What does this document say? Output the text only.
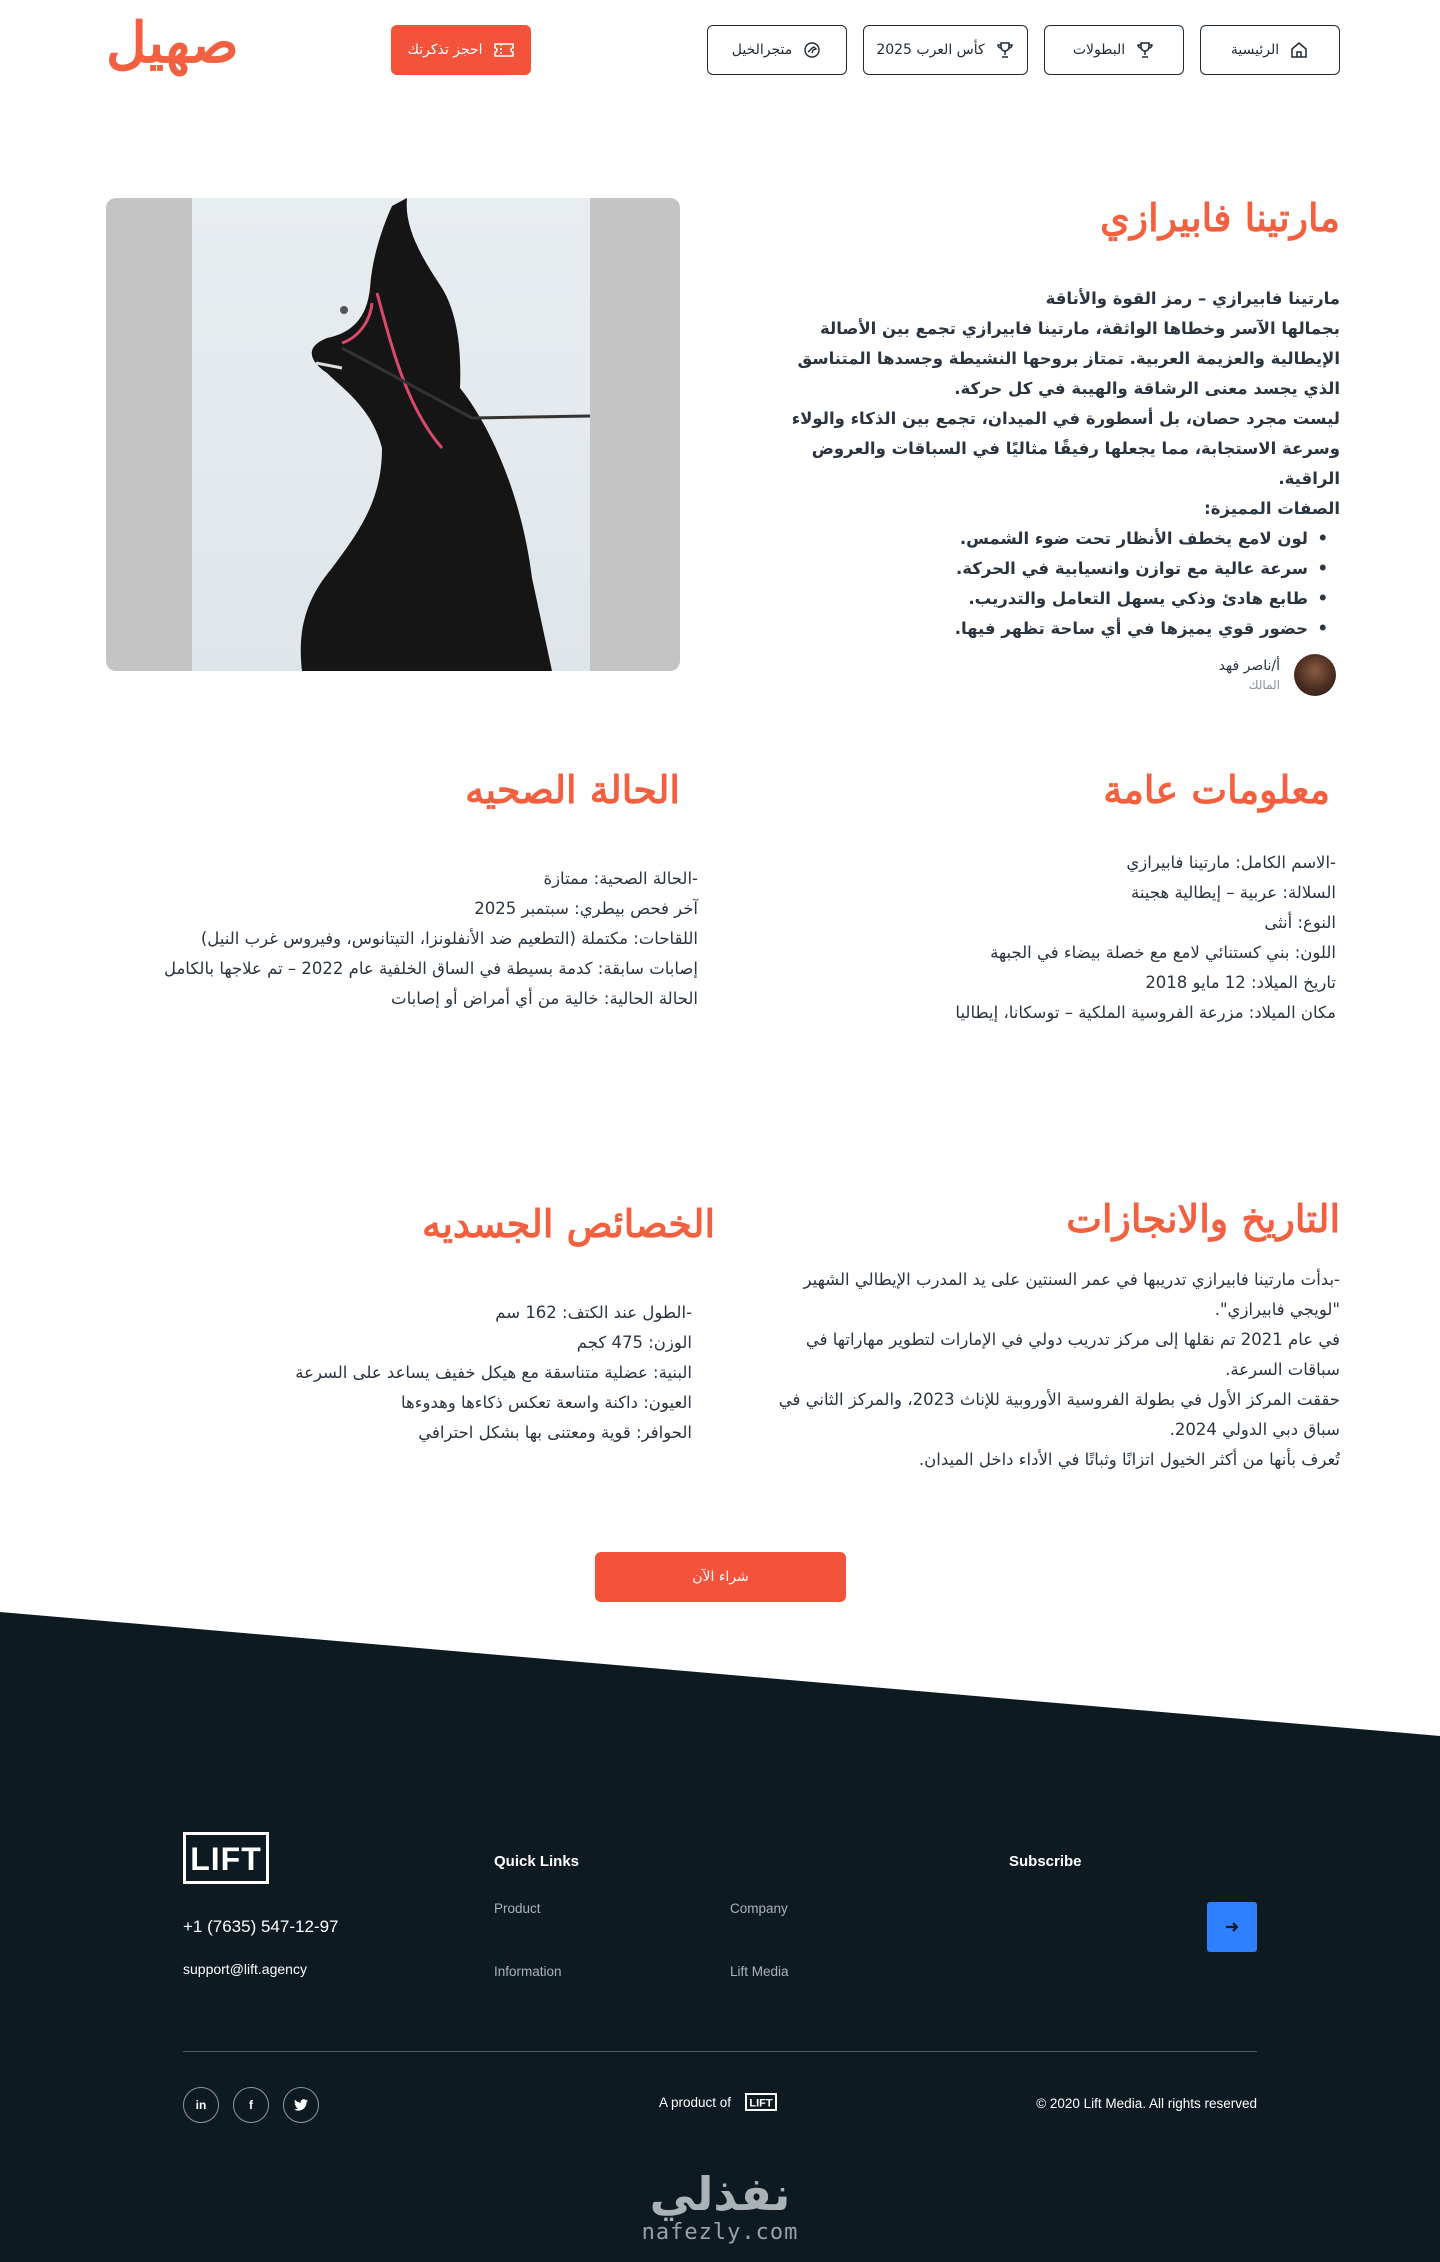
صهيل	احجز تذكرتك	متجرالخيل	كأس العرب 2025	البطولات	الرئيسية
مارتينا فابيرازي

مارتينا فابيرازي – رمز القوة والأناقة

بجمالها الآسر وخطاها الواثقة، مارتينا فابيرازي تجمع بين الأصالة الإيطالية والعزيمة العربية. تمتاز بروحها النشيطة وجسدها المتناسق الذي يجسد معنى الرشاقة والهيبة في كل حركة.

ليست مجرد حصان، بل أسطورة في الميدان، تجمع بين الذكاء والولاء وسرعة الاستجابة، مما يجعلها رفيقًا مثاليًا في السباقات والعروض الراقية.

الصفات المميزة:

• لون لامع يخطف الأنظار تحت ضوء الشمس.
• سرعة عالية مع توازن وانسيابية في الحركة.
• طابع هادئ وذكي يسهل التعامل والتدريب.
• حضور قوي يميزها في أي ساحة تظهر فيها.
أ/ناصر فهد
المالك
معلومات عامة
-الاسم الكامل: مارتينا فابيرازي
السلالة: عربية – إيطالية هجينة
النوع: أنثى
اللون: بني كستنائي لامع مع خصلة بيضاء في الجبهة
تاريخ الميلاد: 12 مايو 2018
مكان الميلاد: مزرعة الفروسية الملكية – توسكانا، إيطاليا
الحالة الصحيه
-الحالة الصحية: ممتازة
آخر فحص بيطري: سبتمبر 2025
اللقاحات: مكتملة (التطعيم ضد الأنفلونزا، التيتانوس، وفيروس غرب النيل)
إصابات سابقة: كدمة بسيطة في الساق الخلفية عام 2022 – تم علاجها بالكامل
الحالة الحالية: خالية من أي أمراض أو إصابات
التاريخ والانجازات
-بدأت مارتينا فابيرازي تدريبها في عمر السنتين على يد المدرب الإيطالي الشهير "لويجي فابيرازي".
في عام 2021 تم نقلها إلى مركز تدريب دولي في الإمارات لتطوير مهاراتها في سباقات السرعة.
حققت المركز الأول في بطولة الفروسية الأوروبية للإناث 2023، والمركز الثاني في سباق دبي الدولي 2024.
تُعرف بأنها من أكثر الخيول اتزانًا وثباتًا في الأداء داخل الميدان.
الخصائص الجسديه
-الطول عند الكتف: 162 سم
الوزن: 475 كجم
البنية: عضلية متناسقة مع هيكل خفيف يساعد على السرعة
العيون: داكنة واسعة تعكس ذكاءها وهدوءها
الحوافر: قوية ومعتنى بها بشكل احترافي
شراء الآن
LIFT
+1 (7635) 547-12-97
support@lift.agency
Quick Links
Product	Company
Information	Lift Media
Subscribe
in	f	A product of LIFT	© 2020 Lift Media. All rights reserved
نفذلي
nafezly.com
